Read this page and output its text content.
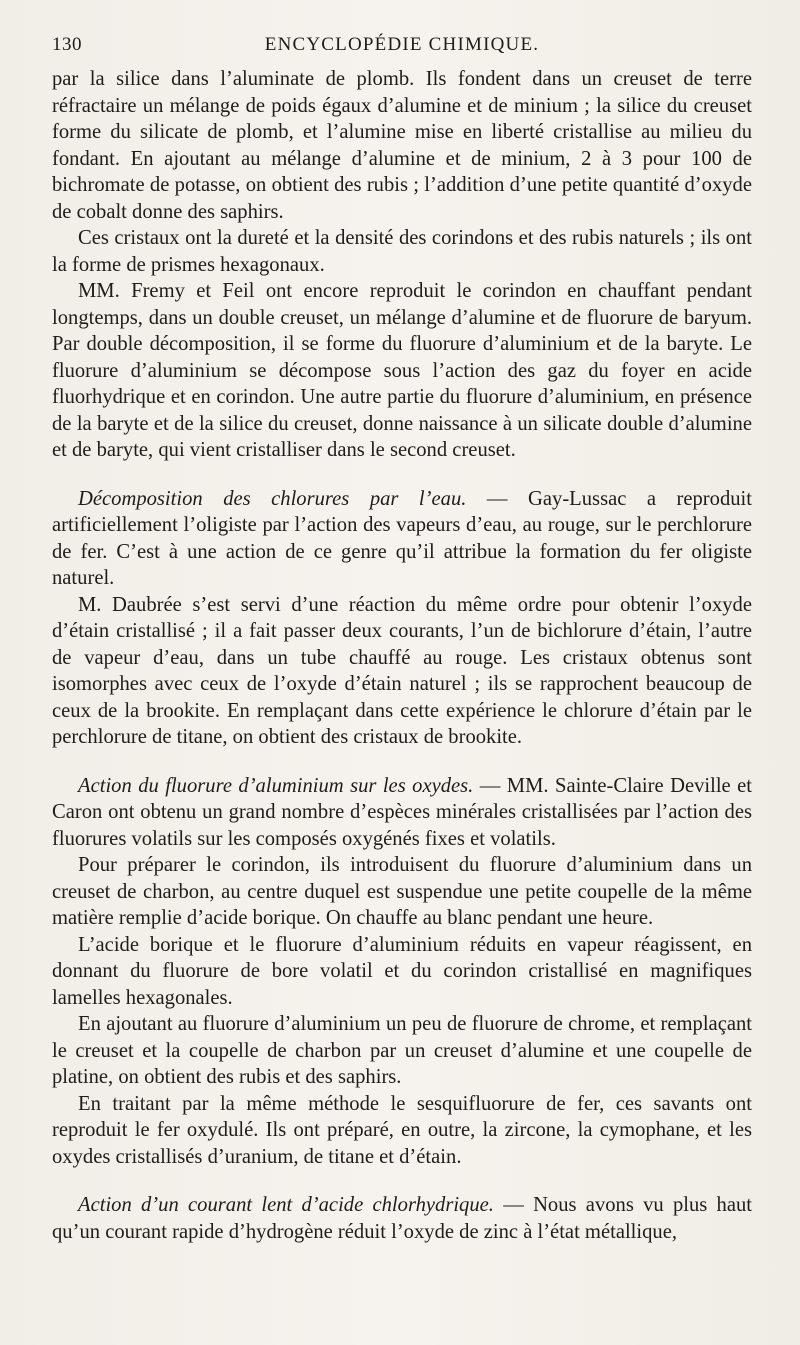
130	ENCYCLOPÉDIE CHIMIQUE.

par la silice dans l’aluminate de plomb. Ils fondent dans un creuset de terre réfractaire un mélange de poids égaux d’alumine et de minium ; la silice du creuset forme du silicate de plomb, et l’alumine mise en liberté cristallise au milieu du fondant. En ajoutant au mélange d’alumine et de minium, 2 à 3 pour 100 de bichromate de potasse, on obtient des rubis ; l’addition d’une petite quantité d’oxyde de cobalt donne des saphirs.

Ces cristaux ont la dureté et la densité des corindons et des rubis naturels ; ils ont la forme de prismes hexagonaux.

MM. Fremy et Feil ont encore reproduit le corindon en chauffant pendant longtemps, dans un double creuset, un mélange d’alumine et de fluorure de baryum. Par double décomposition, il se forme du fluorure d’aluminium et de la baryte. Le fluorure d’aluminium se décompose sous l’action des gaz du foyer en acide fluorhydrique et en corindon. Une autre partie du fluorure d’aluminium, en présence de la baryte et de la silice du creuset, donne naissance à un silicate double d’alumine et de baryte, qui vient cristalliser dans le second creuset.

Décomposition des chlorures par l’eau. — Gay-Lussac a reproduit artificiellement l’oligiste par l’action des vapeurs d’eau, au rouge, sur le perchlorure de fer. C’est à une action de ce genre qu’il attribue la formation du fer oligiste naturel.

M. Daubrée s’est servi d’une réaction du même ordre pour obtenir l’oxyde d’étain cristallisé ; il a fait passer deux courants, l’un de bichlorure d’étain, l’autre de vapeur d’eau, dans un tube chauffé au rouge. Les cristaux obtenus sont isomorphes avec ceux de l’oxyde d’étain naturel ; ils se rapprochent beaucoup de ceux de la brookite. En remplaçant dans cette expérience le chlorure d’étain par le perchlorure de titane, on obtient des cristaux de brookite.

Action du fluorure d’aluminium sur les oxydes. — MM. Sainte-Claire Deville et Caron ont obtenu un grand nombre d’espèces minérales cristallisées par l’action des fluorures volatils sur les composés oxygénés fixes et volatils.

Pour préparer le corindon, ils introduisent du fluorure d’aluminium dans un creuset de charbon, au centre duquel est suspendue une petite coupelle de la même matière remplie d’acide borique. On chauffe au blanc pendant une heure.

L’acide borique et le fluorure d’aluminium réduits en vapeur réagissent, en donnant du fluorure de bore volatil et du corindon cristallisé en magnifiques lamelles hexagonales.

En ajoutant au fluorure d’aluminium un peu de fluorure de chrome, et remplaçant le creuset et la coupelle de charbon par un creuset d’alumine et une coupelle de platine, on obtient des rubis et des saphirs.

En traitant par la même méthode le sesquifluorure de fer, ces savants ont reproduit le fer oxydulé. Ils ont préparé, en outre, la zircone, la cymophane, et les oxydes cristallisés d’uranium, de titane et d’étain.

Action d’un courant lent d’acide chlorhydrique. — Nous avons vu plus haut qu’un courant rapide d’hydrogène réduit l’oxyde de zinc à l’état métallique,
